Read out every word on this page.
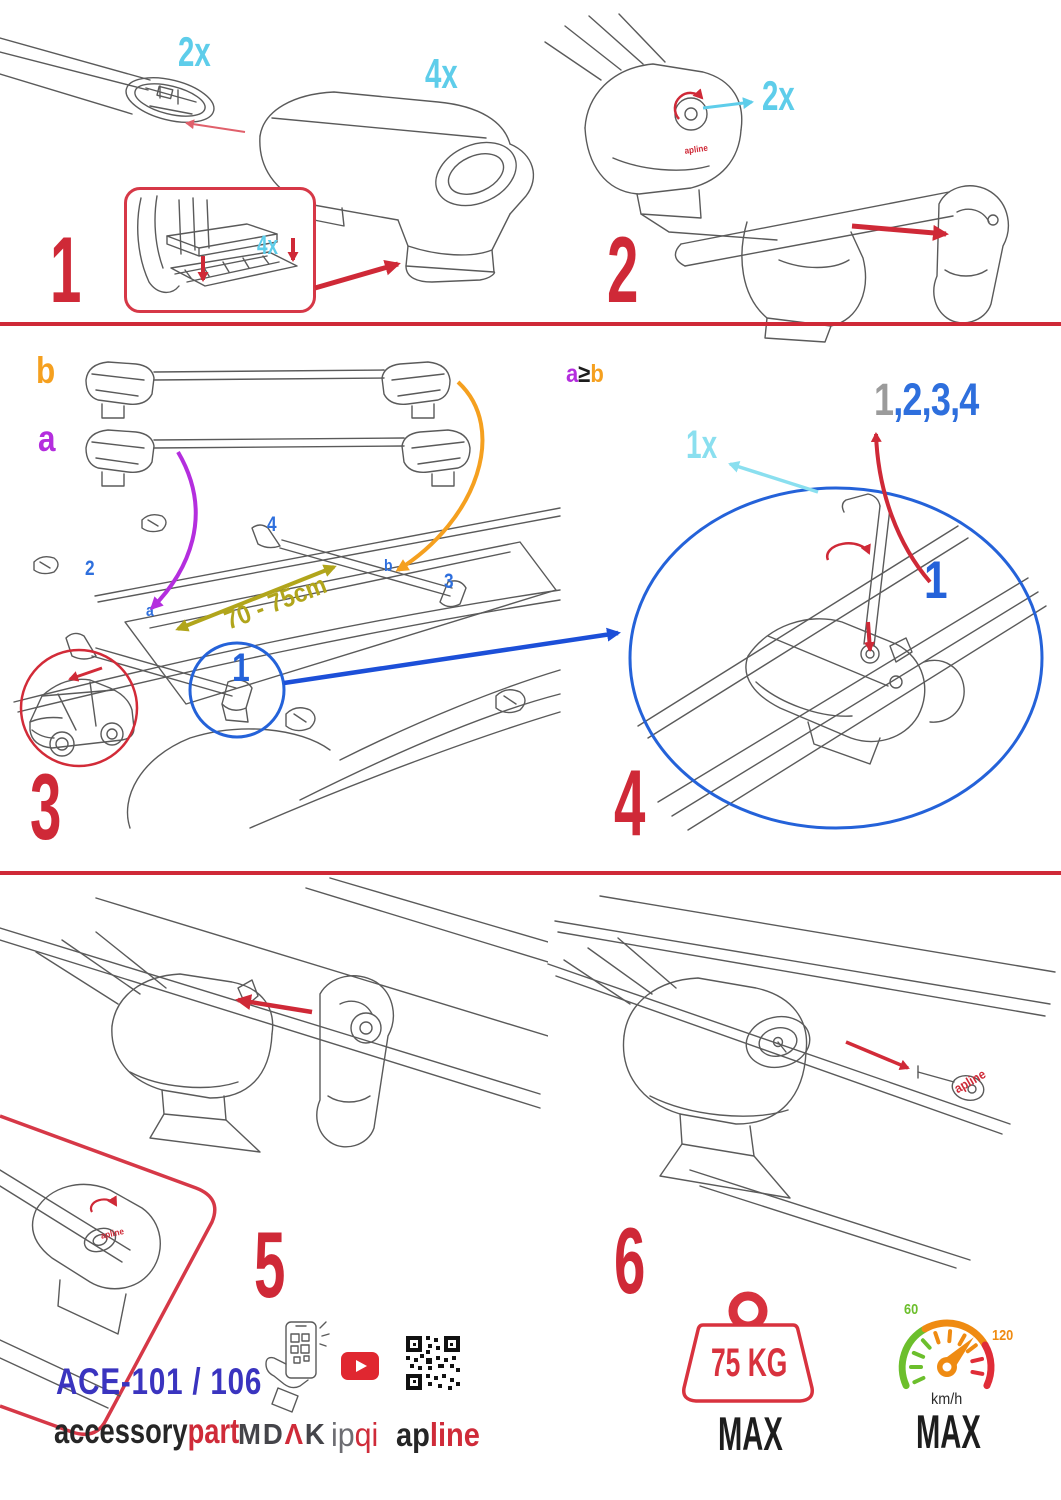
2x	4x
4x
1
2x
apline
2
b
a
2
4
3
b
a	70 - 75cm
1
3
a≥b	1,2,3,4
1x
1
4
apline 5
apline
6
ACE-101 / 106
accessorypart
MDΛK ipqi apline
75 KG
MAX
60
120
km/h
MAX
